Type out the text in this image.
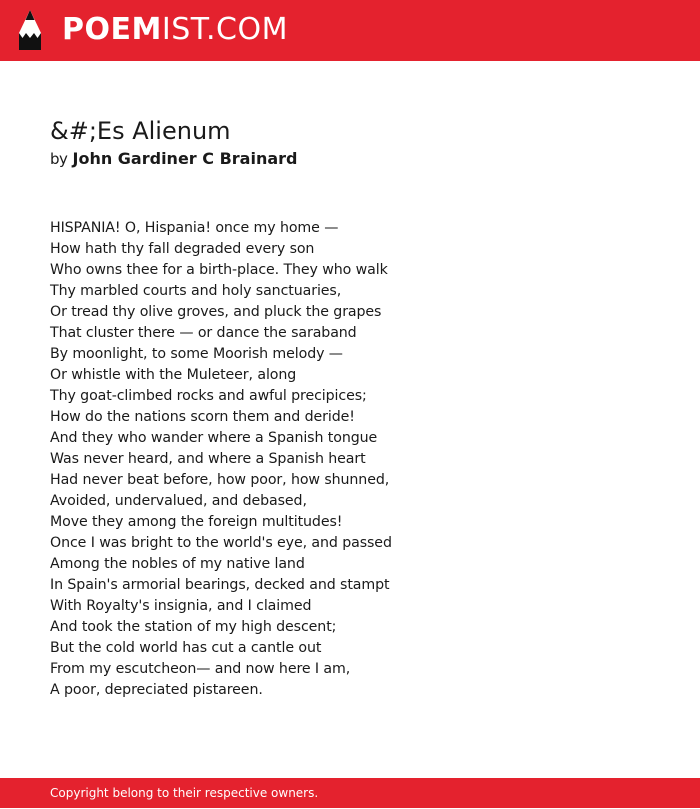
POEMIST.COM
&#;Es Alienum
by John Gardiner C Brainard
HISPANIA! O, Hispania! once my home —
How hath thy fall degraded every son
Who owns thee for a birth-place. They who walk
Thy marbled courts and holy sanctuaries,
Or tread thy olive groves, and pluck the grapes
That cluster there — or dance the saraband
By moonlight, to some Moorish melody —
Or whistle with the Muleteer, along
Thy goat-climbed rocks and awful precipices;
How do the nations scorn them and deride!
And they who wander where a Spanish tongue
Was never heard, and where a Spanish heart
Had never beat before, how poor, how shunned,
Avoided, undervalued, and debased,
Move they among the foreign multitudes!
Once I was bright to the world's eye, and passed
Among the nobles of my native land
In Spain's armorial bearings, decked and stampt
With Royalty's insignia, and I claimed
And took the station of my high descent;
But the cold world has cut a cantle out
From my escutcheon— and now here I am,
A poor, depreciated pistareen.
Copyright belong to their respective owners.
